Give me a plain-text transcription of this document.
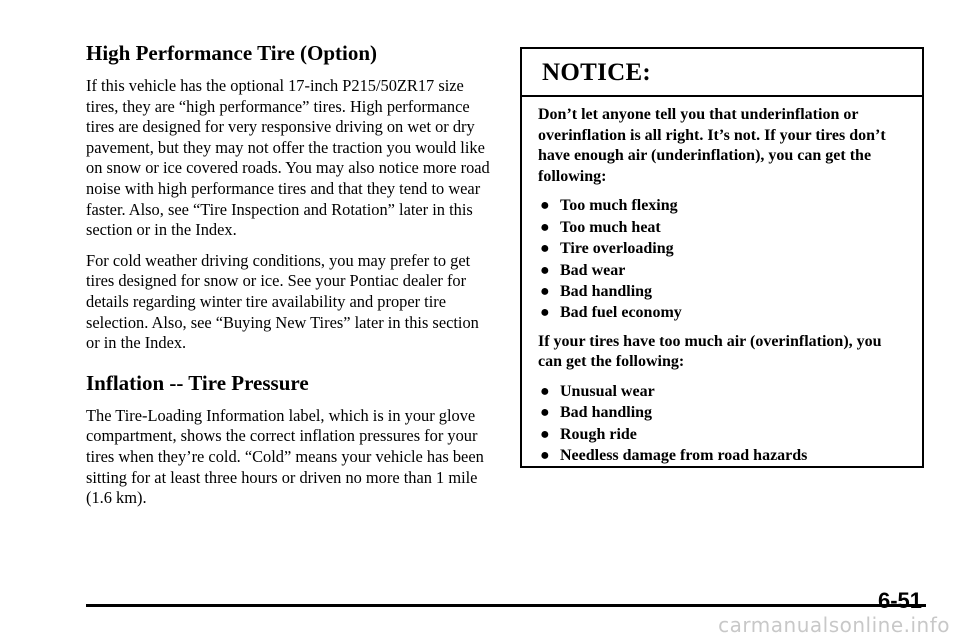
High Performance Tire (Option)
If this vehicle has the optional 17-inch P215/50ZR17 size tires, they are “high performance” tires. High performance tires are designed for very responsive driving on wet or dry pavement, but they may not offer the traction you would like on snow or ice covered roads. You may also notice more road noise with high performance tires and that they tend to wear faster. Also, see “Tire Inspection and Rotation” later in this section or in the Index.
For cold weather driving conditions, you may prefer to get tires designed for snow or ice. See your Pontiac dealer for details regarding winter tire availability and proper tire selection. Also, see “Buying New Tires” later in this section or in the Index.
Inflation -- Tire Pressure
The Tire-Loading Information label, which is in your glove compartment, shows the correct inflation pressures for your tires when they’re cold. “Cold” means your vehicle has been sitting for at least three hours or driven no more than 1 mile (1.6 km).
NOTICE:
Don’t let anyone tell you that underinflation or overinflation is all right. It’s not. If your tires don’t have enough air (underinflation), you can get the following:
● Too much flexing
● Too much heat
● Tire overloading
● Bad wear
● Bad handling
● Bad fuel economy
If your tires have too much air (overinflation), you can get the following:
● Unusual wear
● Bad handling
● Rough ride
● Needless damage from road hazards
6-51
carmanualsonline.info
